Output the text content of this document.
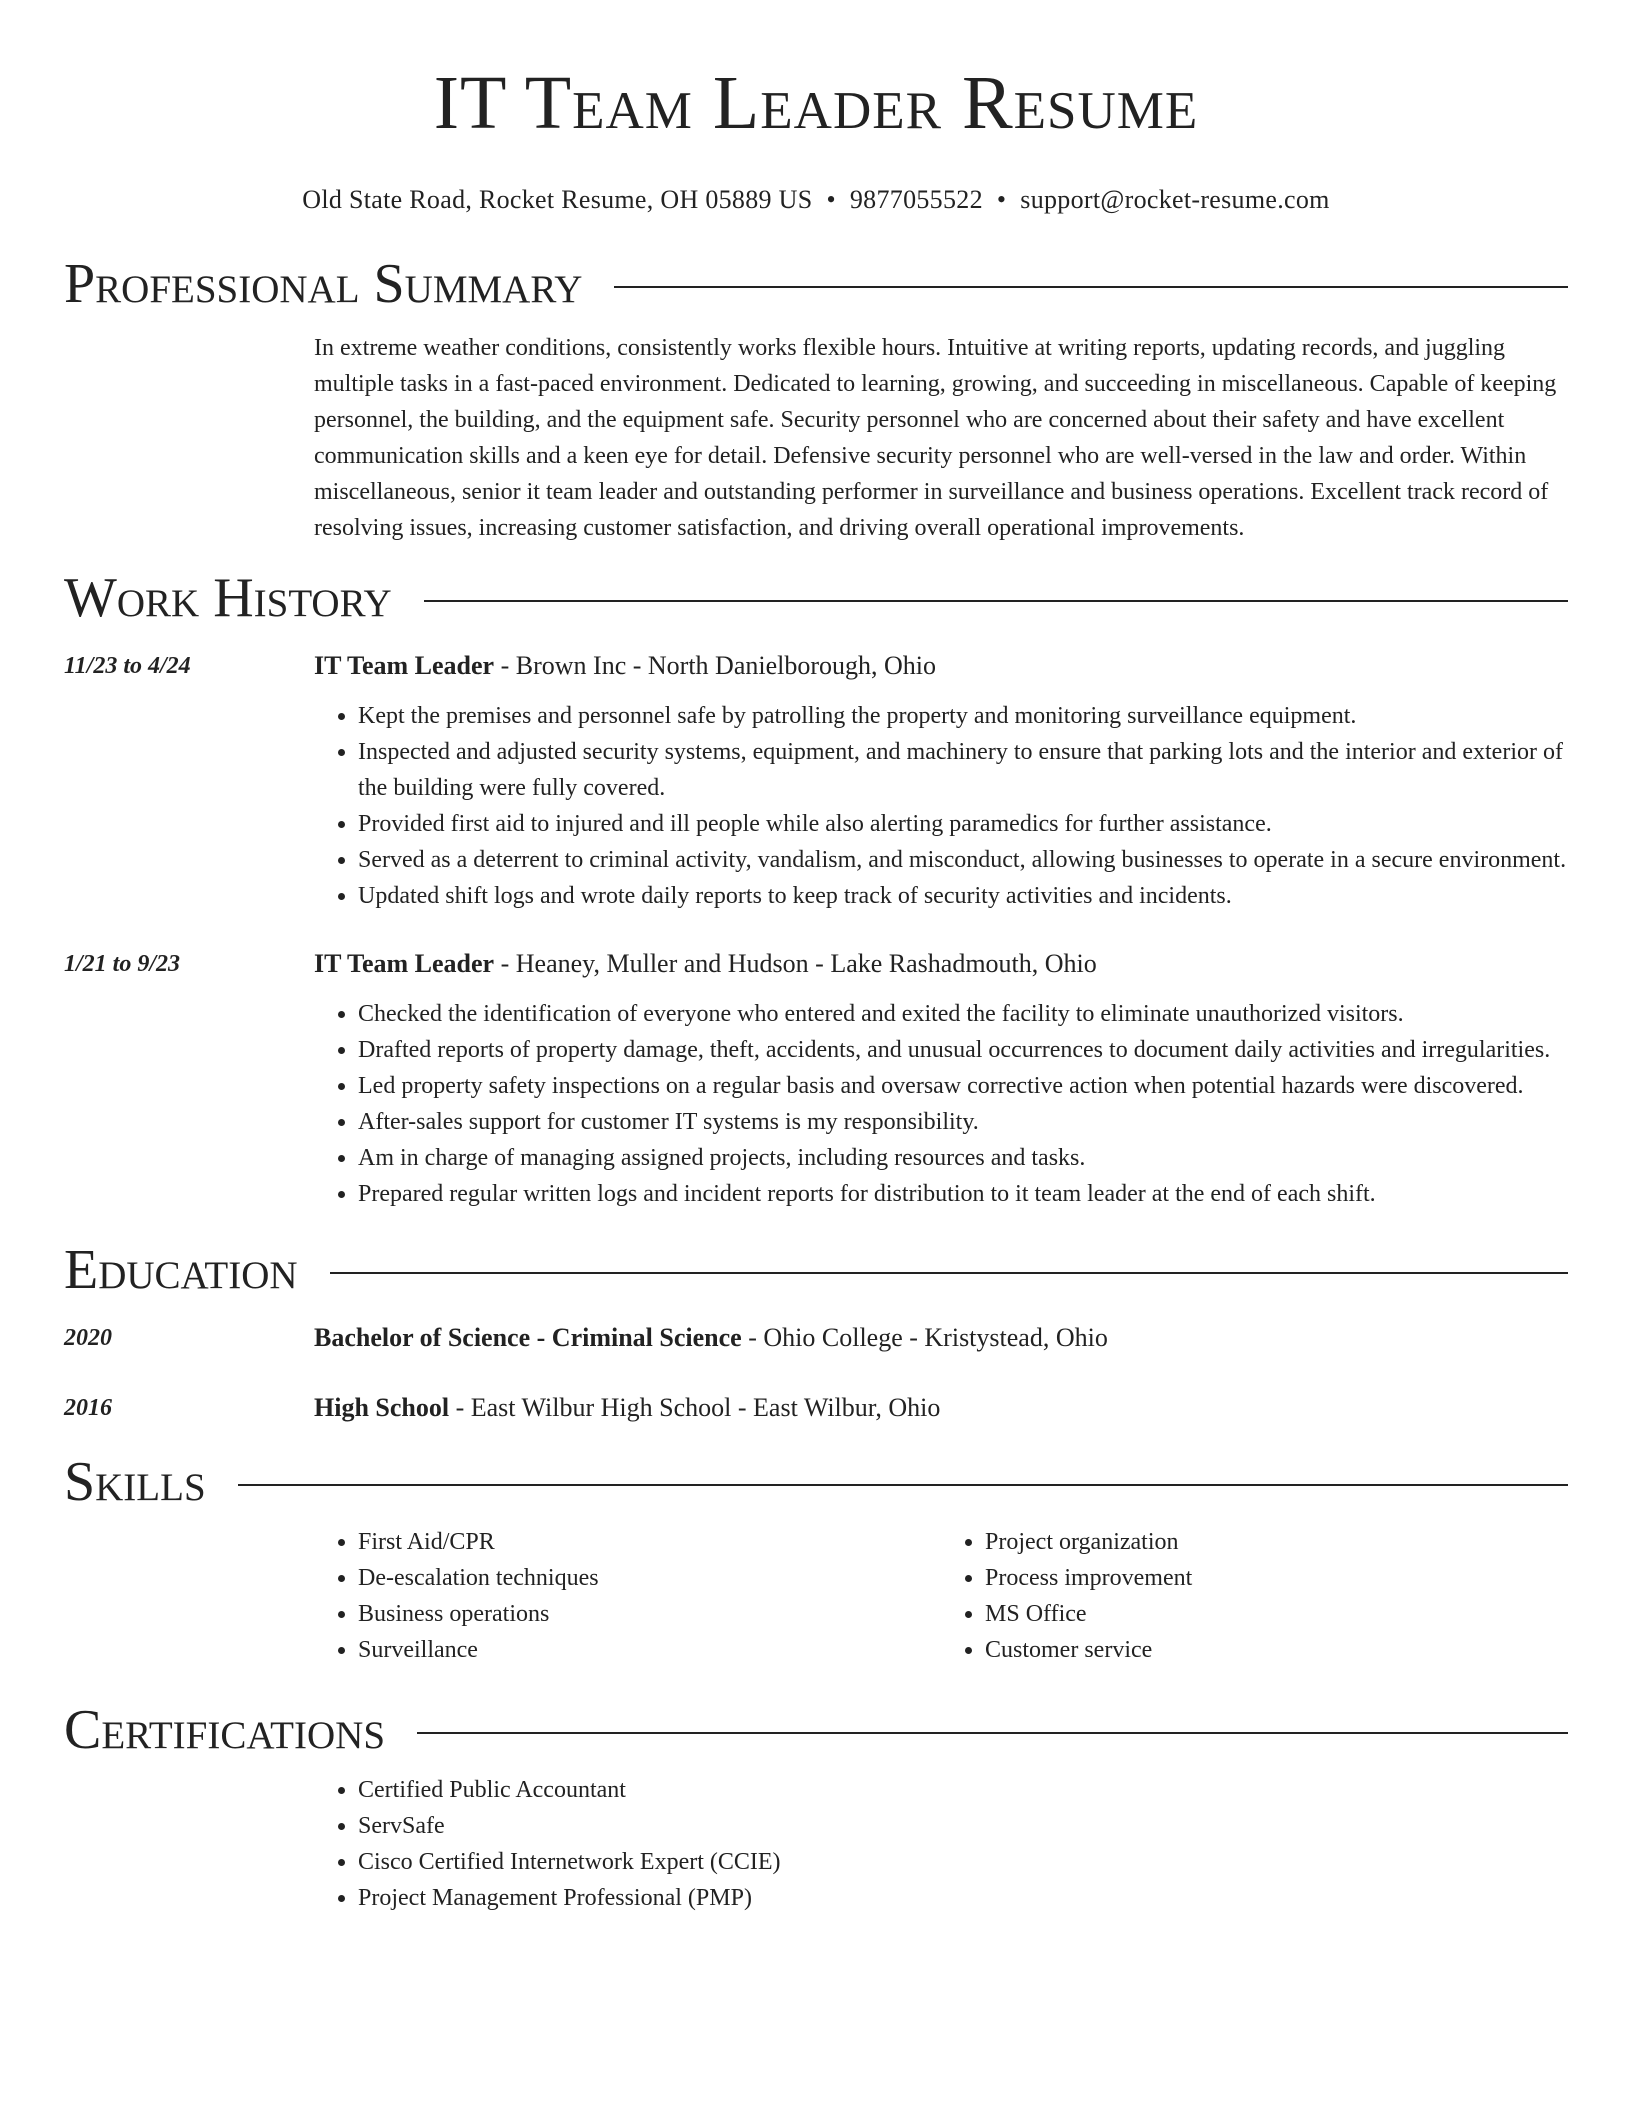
IT Team Leader Resume
Old State Road, Rocket Resume, OH 05889 US • 9877055522 • support@rocket-resume.com
Professional Summary
In extreme weather conditions, consistently works flexible hours. Intuitive at writing reports, updating records, and juggling multiple tasks in a fast-paced environment. Dedicated to learning, growing, and succeeding in miscellaneous. Capable of keeping personnel, the building, and the equipment safe. Security personnel who are concerned about their safety and have excellent communication skills and a keen eye for detail. Defensive security personnel who are well-versed in the law and order. Within miscellaneous, senior it team leader and outstanding performer in surveillance and business operations. Excellent track record of resolving issues, increasing customer satisfaction, and driving overall operational improvements.
Work History
11/23 to 4/24	IT Team Leader - Brown Inc - North Danielborough, Ohio
• Kept the premises and personnel safe by patrolling the property and monitoring surveillance equipment.
• Inspected and adjusted security systems, equipment, and machinery to ensure that parking lots and the interior and exterior of the building were fully covered.
• Provided first aid to injured and ill people while also alerting paramedics for further assistance.
• Served as a deterrent to criminal activity, vandalism, and misconduct, allowing businesses to operate in a secure environment.
• Updated shift logs and wrote daily reports to keep track of security activities and incidents.
1/21 to 9/23	IT Team Leader - Heaney, Muller and Hudson - Lake Rashadmouth, Ohio
• Checked the identification of everyone who entered and exited the facility to eliminate unauthorized visitors.
• Drafted reports of property damage, theft, accidents, and unusual occurrences to document daily activities and irregularities.
• Led property safety inspections on a regular basis and oversaw corrective action when potential hazards were discovered.
• After-sales support for customer IT systems is my responsibility.
• Am in charge of managing assigned projects, including resources and tasks.
• Prepared regular written logs and incident reports for distribution to it team leader at the end of each shift.
Education
2020	Bachelor of Science - Criminal Science - Ohio College - Kristystead, Ohio
2016	High School - East Wilbur High School - East Wilbur, Ohio
Skills
• First Aid/CPR
• De-escalation techniques
• Business operations
• Surveillance
• Project organization
• Process improvement
• MS Office
• Customer service
Certifications
• Certified Public Accountant
• ServSafe
• Cisco Certified Internetwork Expert (CCIE)
• Project Management Professional (PMP)
